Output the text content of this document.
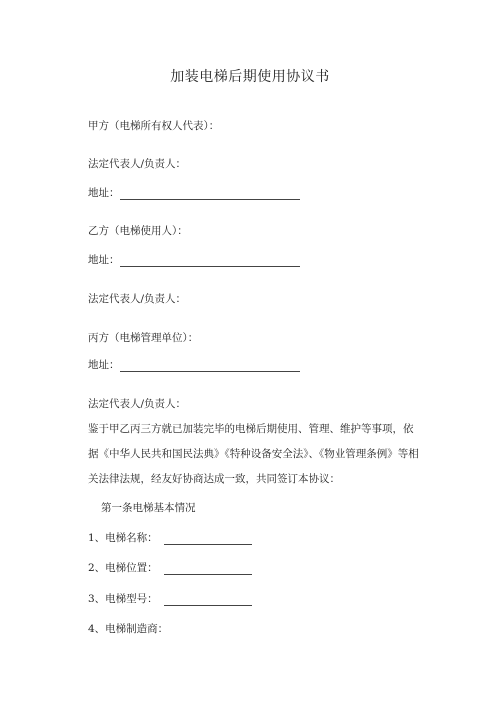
加装电梯后期使用协议书
甲方（电梯所有权人代表）：
法定代表人/负责人：
地址：
乙方（电梯使用人）：
地址：
法定代表人/负责人：
丙方（电梯管理单位）：
地址：
法定代表人/负责人：
鉴于甲乙丙三方就已加装完毕的电梯后期使用、管理、维护等事项，依
据《中华人民共和国民法典》《特种设备安全法》、《物业管理条例》等相
关法律法规，经友好协商达成一致，共同签订本协议：
第一条电梯基本情况
1、电梯名称：
2、电梯位置：
3、电梯型号：
4、电梯制造商：
